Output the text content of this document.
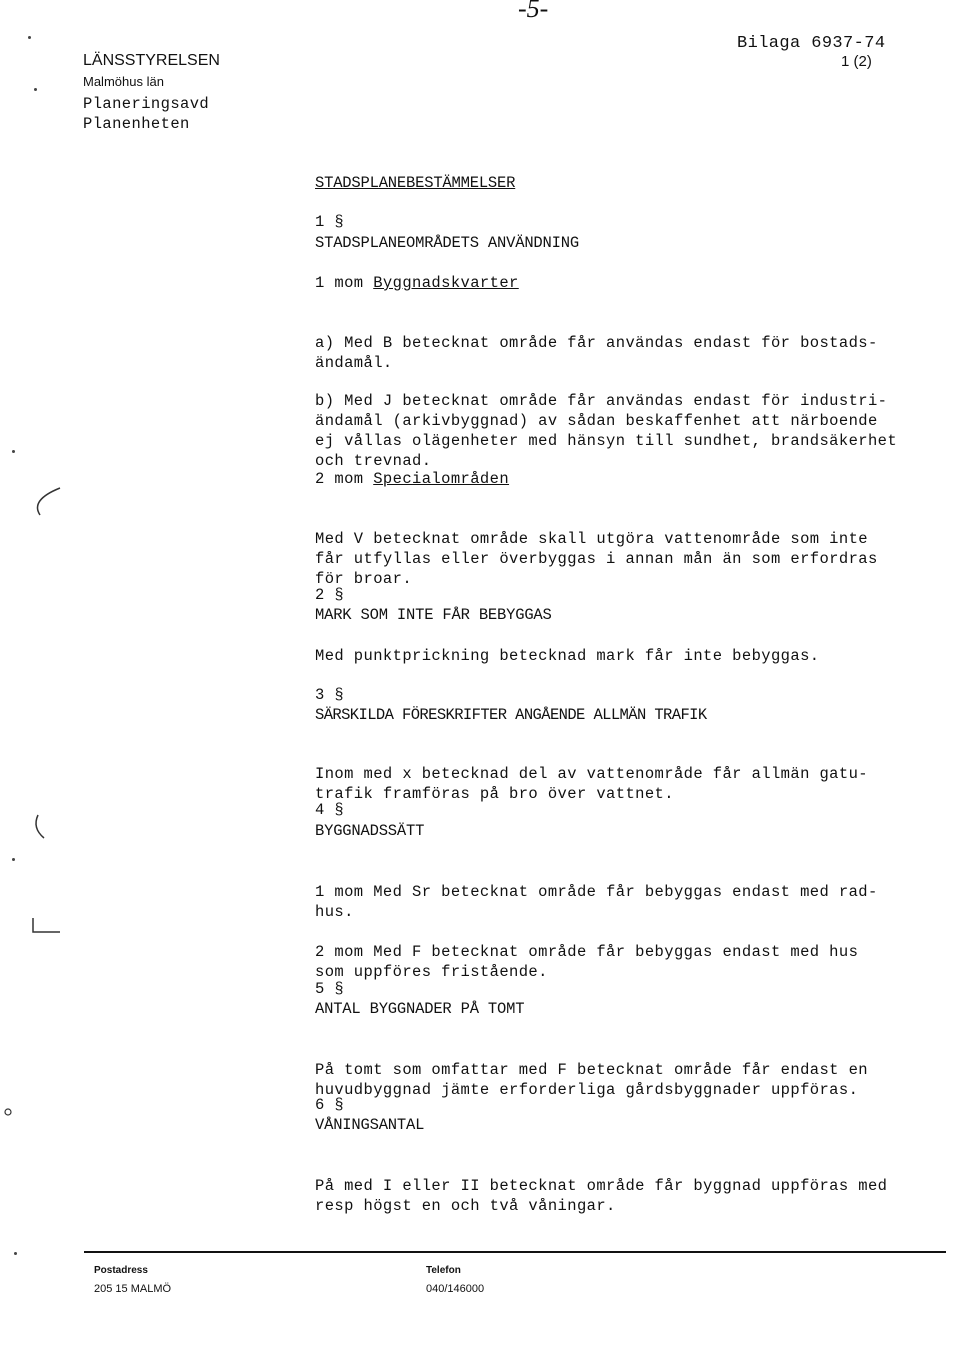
-5-
LÄNSSTYRELSEN
Malmöhus län
Planeringsavd
Planenheten
Bilaga 6937-74
1 (2)
STADSPLANEBESTÄMMELSER
1 §
STADSPLANEOMRÅDETS ANVÄNDNING
1 mom Byggnadskvarter

a) Med B betecknat område får användas endast för bostads-
ändamål.

b) Med J betecknat område får användas endast för industri-
ändamål (arkivbyggnad) av sådan beskaffenhet att närboende
ej vållas olägenheter med hänsyn till sundhet, brandsäkerhet
och trevnad.

2 mom Specialområden

Med V betecknat område skall utgöra vattenområde som inte
får utfyllas eller överbyggas i annan mån än som erfordras
för broar.

2 §
MARK SOM INTE FÅR BEBYGGAS
Med punktprickning betecknad mark får inte bebyggas.
3 §
SÄRSKILDA FÖRESKRIFTER ANGÅENDE ALLMÄN TRAFIK

Inom med x betecknad del av vattenområde får allmän gatu-
trafik framföras på bro över vattnet.

4 §
BYGGNADSSÄTT

1 mom Med Sr betecknat område får bebyggas endast med rad-
hus.

2 mom Med F betecknat område får bebyggas endast med hus
som uppföres fristående.

5 §
ANTAL BYGGNADER PÅ TOMT

På tomt som omfattar med F betecknat område får endast en
huvudbyggnad jämte erforderliga gårdsbyggnader uppföras.

6 §
VÅNINGSANTAL

På med I eller II betecknat område får byggnad uppföras med
resp högst en och två våningar.

Postadress
205 15 MALMÖ
Telefon
040/146000
